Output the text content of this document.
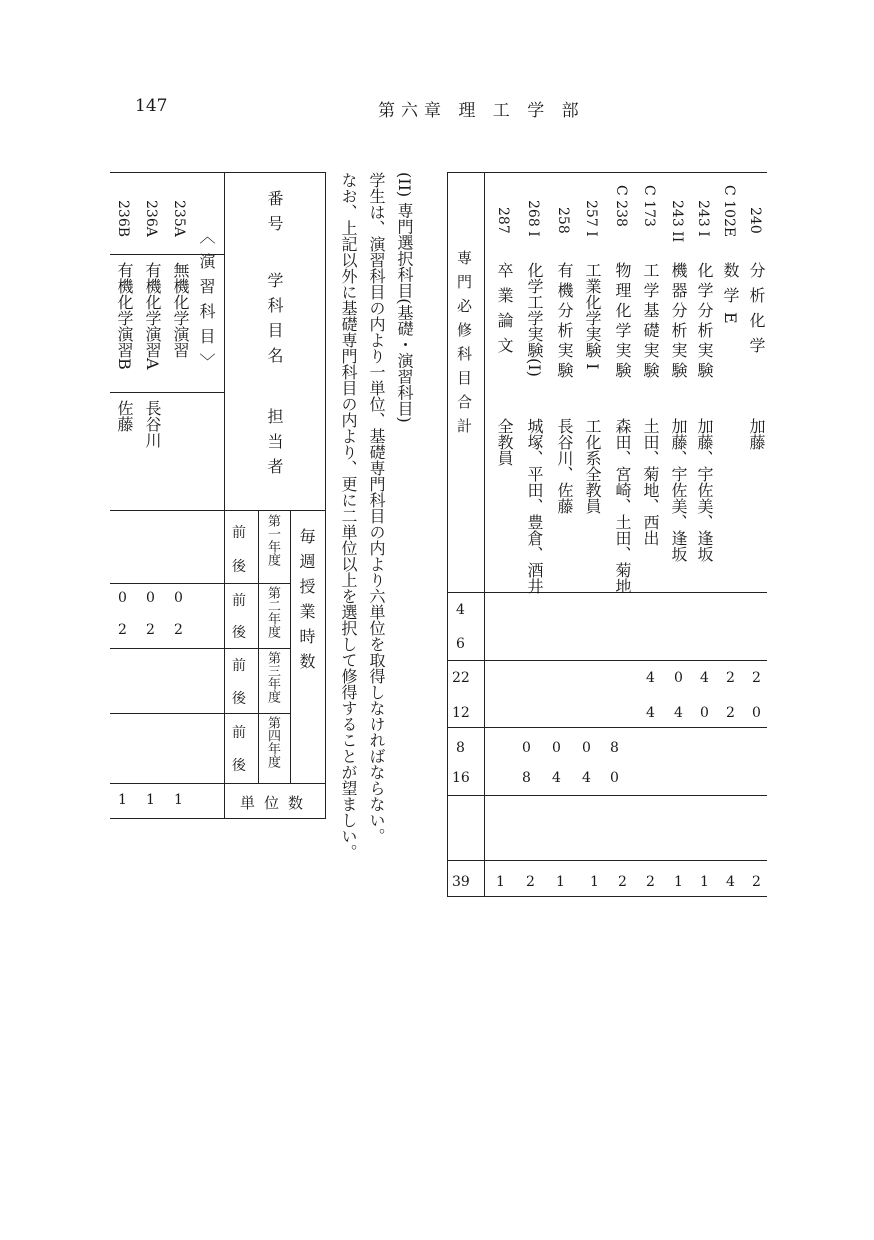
147	第六章 理 工 学 部
専門必修科目合計
4
6
22
12
8
16
39
240
分析化学
加藤
2
0
2
C 102E
数学E
2
2
4
243 I
化学分析実験
加藤、宇佐美、逢坂
4
0
1
243 II
機器分析実験
加藤、宇佐美、逢坂
0
4
1
C 173
工学基礎実験
土田、菊地、西出
4
4
2
C 238
物理化学実験
森田、宮崎、土田、菊地
8
0
2
257 I
工業化学実験 I
工化系全教員
0
4
1
258
有機分析実験
長谷川、佐藤
0
4
1
268 I
化学工学実験(I)
城塚、平田、豊倉、酒井
0
8
2
287
卒業論文
全教員
1
(II) 専門選択科目(基礎・演習科目)
学生は、演習科目の内より一単位、基礎専門科目の内より六単位を取得しなければならない。
なお、上記以外に基礎専門科目の内より、更に二単位以上を選択して修得することが望ましい。
番号
学科目名
担当者
毎週授業時数
単位数
第一年度
第二年度
第三年度
第四年度
前
後
前
後
前
後
前
後
〈演習科目〉
235A
無機化学演習
0
2
1
236A
有機化学演習A
長谷川
0
2
1
236B
有機化学演習B
佐藤
0
2
1
